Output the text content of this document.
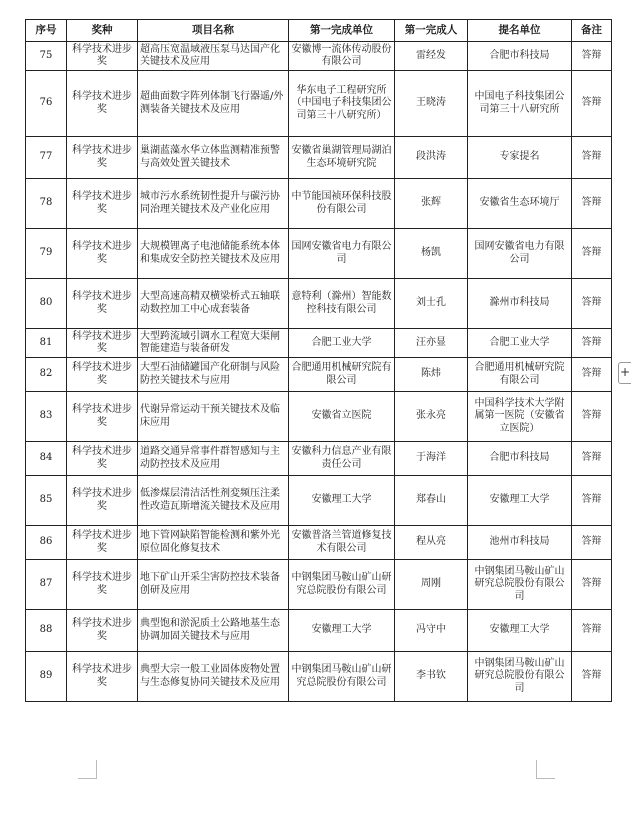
序号	奖种	项目名称	第一完成单位	第一完成人	提名单位	备注
75	科学技术进步奖	超高压宽温域液压泵马达国产化关键技术及应用	安徽博一流体传动股份有限公司	雷经发	合肥市科技局	答辩
76	科学技术进步奖	超曲面数字阵列体制飞行器遥/外测装备关键技术及应用	华东电子工程研究所（中国电子科技集团公司第三十八研究所）	王晓涛	中国电子科技集团公司第三十八研究所	答辩
77	科学技术进步奖	巢湖蓝藻水华立体监测精准预警与高效处置关键技术	安徽省巢湖管理局湖泊生态环境研究院	段洪涛	专家提名	答辩
78	科学技术进步奖	城市污水系统韧性提升与碳污协同治理关键技术及产业化应用	中节能国祯环保科技股份有限公司	张辉	安徽省生态环境厅	答辩
79	科学技术进步奖	大规模锂离子电池储能系统本体和集成安全防控关键技术及应用	国网安徽省电力有限公司	杨凯	国网安徽省电力有限公司	答辩
80	科学技术进步奖	大型高速高精双横梁桥式五轴联动数控加工中心成套装备	意特利（滁州）智能数控科技有限公司	刘士孔	滁州市科技局	答辩
81	科学技术进步奖	大型跨流域引调水工程宽大渠闸智能建造与装备研发	合肥工业大学	汪亦显	合肥工业大学	答辩
82	科学技术进步奖	大型石油储罐国产化研制与风险防控关键技术与应用	合肥通用机械研究院有限公司	陈炜	合肥通用机械研究院有限公司	答辩
83	科学技术进步奖	代谢异常运动干预关键技术及临床应用	安徽省立医院	张永亮	中国科学技术大学附属第一医院（安徽省立医院）	答辩
84	科学技术进步奖	道路交通异常事件群智感知与主动防控技术及应用	安徽科力信息产业有限责任公司	于海洋	合肥市科技局	答辩
85	科学技术进步奖	低渗煤层清洁活性剂変频压注柔性改造瓦斯增流关键技术及应用	安徽理工大学	郑春山	安徽理工大学	答辩
86	科学技术进步奖	地下管网缺陷智能检测和紫外光原位固化修复技术	安徽普洛兰管道修复技术有限公司	程从亮	池州市科技局	答辩
87	科学技术进步奖	地下矿山开采尘害防控技术装备创研及应用	中钢集团马鞍山矿山研究总院股份有限公司	周刚	中钢集团马鞍山矿山研究总院股份有限公司	答辩
88	科学技术进步奖	典型饱和淤泥质土公路地基生态协调加固关键技术与应用	安徽理工大学	冯守中	安徽理工大学	答辩
89	科学技术进步奖	典型大宗一般工业固体废物处置与生态修复协同关键技术及应用	中钢集团马鞍山矿山研究总院股份有限公司	李书钦	中钢集团马鞍山矿山研究总院股份有限公司	答辩
+
